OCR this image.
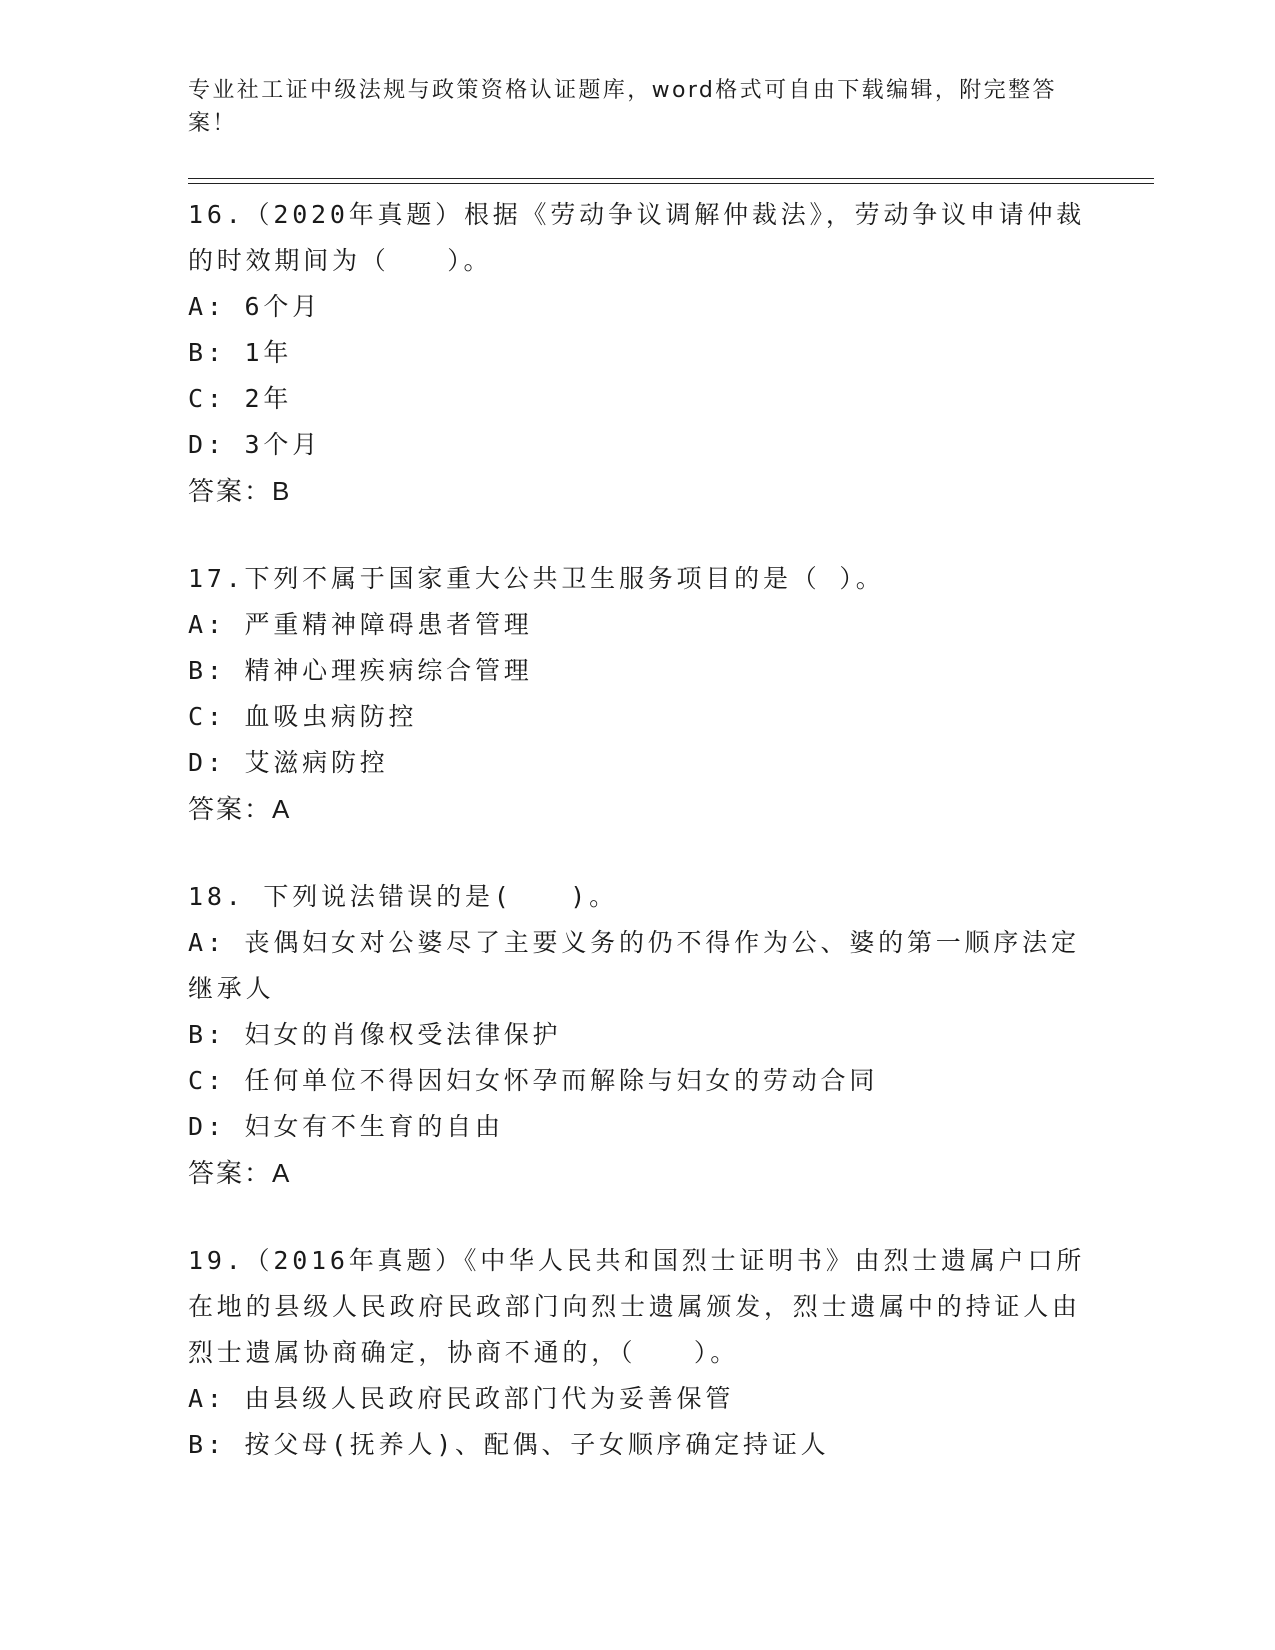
专业社工证中级法规与政策资格认证题库，word格式可自由下载编辑，附完整答案！

16.（2020年真题）根据《劳动争议调解仲裁法》，劳动争议申请仲裁的时效期间为（　　）。

A: 6个月

B: 1年

C: 2年

D: 3个月

答案：B

17.下列不属于国家重大公共卫生服务项目的是（ ）。

A: 严重精神障碍患者管理

B: 精神心理疾病综合管理

C: 血吸虫病防控

D: 艾滋病防控

答案：A

18. 下列说法错误的是(　　)。

A: 丧偶妇女对公婆尽了主要义务的仍不得作为公、婆的第一顺序法定继承人

B: 妇女的肖像权受法律保护

C: 任何单位不得因妇女怀孕而解除与妇女的劳动合同

D: 妇女有不生育的自由

答案：A

19.（2016年真题）《中华人民共和国烈士证明书》由烈士遗属户口所在地的县级人民政府民政部门向烈士遗属颁发，烈士遗属中的持证人由烈士遗属协商确定，协商不通的，（　　）。

A: 由县级人民政府民政部门代为妥善保管

B: 按父母(抚养人)、配偶、子女顺序确定持证人
